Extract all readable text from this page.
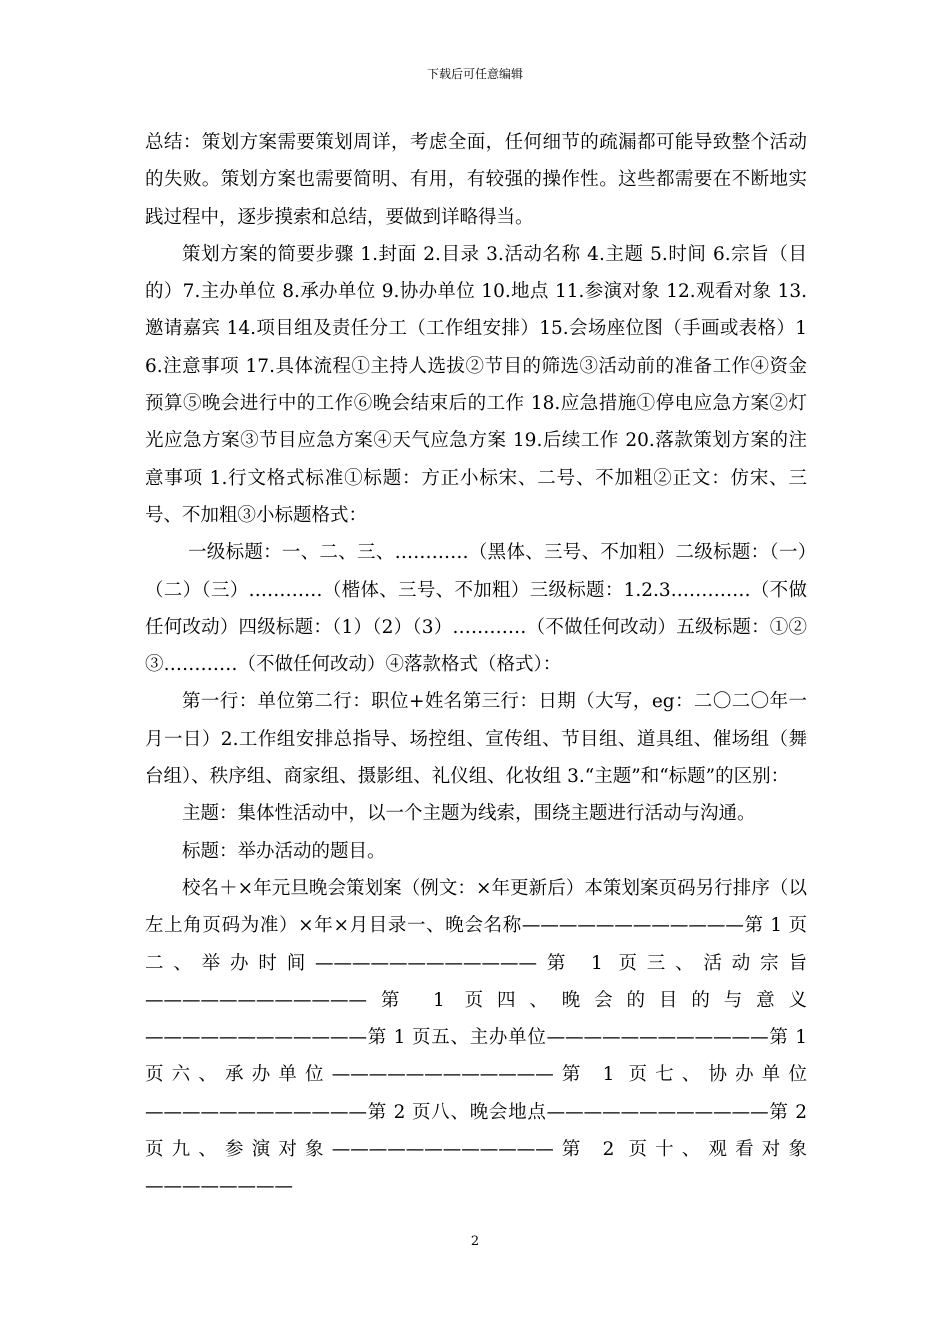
下载后可任意编辑

总结：策划方案需要策划周详，考虑全面，任何细节的疏漏都可能导致整个活动的失败。策划方案也需要简明、有用，有较强的操作性。这些都需要在不断地实践过程中，逐步摸索和总结，要做到详略得当。

策划方案的简要步骤 1.封面 2.目录 3.活动名称 4.主题 5.时间 6.宗旨（目的）7.主办单位 8.承办单位 9.协办单位 10.地点 11.参演对象 12.观看对象 13.邀请嘉宾 14.项目组及责任分工（工作组安排）15.会场座位图（手画或表格）16.注意事项 17.具体流程①主持人选拔②节目的筛选③活动前的准备工作④资金预算⑤晚会进行中的工作⑥晚会结束后的工作 18.应急措施①停电应急方案②灯光应急方案③节目应急方案④天气应急方案 19.后续工作 20.落款策划方案的注意事项 1.行文格式标准①标题：方正小标宋、二号、不加粗②正文：仿宋、三号、不加粗③小标题格式：

一级标题：一、二、三、…………（黑体、三号、不加粗）二级标题：（一）（二）（三）…………（楷体、三号、不加粗）三级标题：1.2.3.…………（不做任何改动）四级标题：（1）（2）（3）…………（不做任何改动）五级标题：①②③…………（不做任何改动）④落款格式（格式）：

第一行：单位第二行：职位+姓名第三行：日期（大写，eg：二〇二〇年一月一日）2.工作组安排总指导、场控组、宣传组、节目组、道具组、催场组（舞台组）、秩序组、商家组、摄影组、礼仪组、化妆组 3.“主题”和“标题”的区别：

主题：集体性活动中，以一个主题为线索，围绕主题进行活动与沟通。

标题：举办活动的题目。

校名＋×年元旦晚会策划案（例文：×年更新后）本策划案页码另行排序（以左上角页码为准）×年×月目录一、晚会名称————————————第 1 页二、举办时间————————————第 1 页三、活动宗旨————————————第 1 页四、晚会的目的与意义————————————第 1 页五、主办单位————————————第 1 页六、承办单位————————————第 1 页七、协办单位————————————第 2 页八、晚会地点————————————第 2 页九、参演对象————————————第 2 页十、观看对象————————

2
